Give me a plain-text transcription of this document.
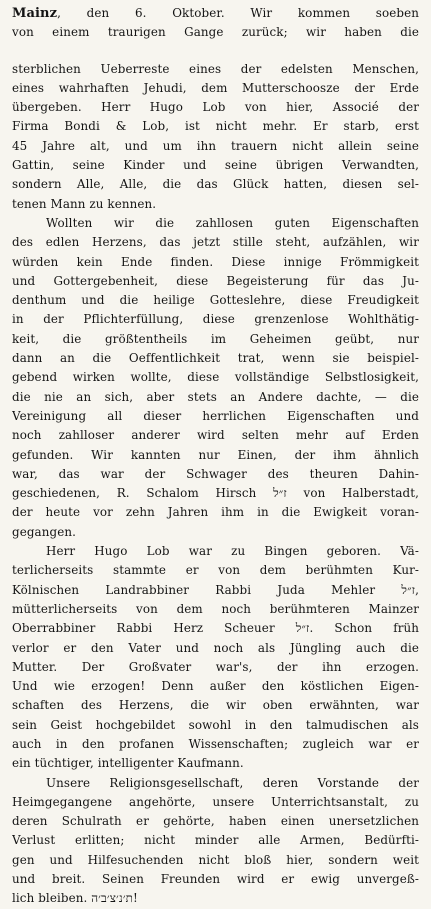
Mainz, den 6. Oktober. Wir kommen soeben
von einem traurigen Gange zurück; wir haben die
sterblichen Ueberreste eines der edelsten Menschen,
eines wahrhaften Jehudi, dem Mutterschoosze der Erde
übergeben. Herr Hugo Lob von hier, Associé der
Firma Bondi & Lob, ist nicht mehr. Er starb, erst
45 Jahre alt, und um ihn trauern nicht allein seine
Gattin, seine Kinder und seine übrigen Verwandten,
sondern Alle, Alle, die das Glück hatten, diesen sel-
tenen Mann zu kennen.
Wollten wir die zahllosen guten Eigenschaften
des edlen Herzens, das jetzt stille steht, aufzählen, wir
würden kein Ende finden. Diese innige Frömmigkeit
und Gottergebenheit, diese Begeisterung für das Ju-
denthum und die heilige Gotteslehre, diese Freudigkeit
in der Pflichterfüllung, diese grenzenlose Wohlthätig-
keit, die größtentheils im Geheimen geübt, nur
dann an die Oeffentlichkeit trat, wenn sie beispiel-
gebend wirken wollte, diese vollständige Selbstlosigkeit,
die nie an sich, aber stets an Andere dachte, — die
Vereinigung all dieser herrlichen Eigenschaften und
noch zahlloser anderer wird selten mehr auf Erden
gefunden. Wir kannten nur Einen, der ihm ähnlich
war, das war der Schwager des theuren Dahin-
geschiedenen, R. Schalom Hirsch ז״ל von Halberstadt,
der heute vor zehn Jahren ihm in die Ewigkeit voran-
gegangen.
Herr Hugo Lob war zu Bingen geboren. Vä-
terlicherseits stammte er von dem berühmten Kur-
Kölnischen Landrabbiner Rabbi Juda Mehler ז״ל,
mütterlicherseits von dem noch berühmteren Mainzer
Oberrabbiner Rabbi Herz Scheuer ז״ל. Schon früh
verlor er den Vater und noch als Jüngling auch die
Mutter. Der Großvater war's, der ihn erzogen.
Und wie erzogen! Denn außer den köstlichen Eigen-
schaften des Herzens, die wir oben erwähnten, war
sein Geist hochgebildet sowohl in den talmudischen als
auch in den profanen Wissenschaften; zugleich war er
ein tüchtiger, intelligenter Kaufmann.
Unsere Religionsgesellschaft, deren Vorstande der
Heimgegangene angehörte, unsere Unterrichtsanstalt, zu
deren Schulrath er gehörte, haben einen unersetzlichen
Verlust erlitten; nicht minder alle Armen, Bedürfti-
gen und Hilfesuchenden nicht bloß hier, sondern weit
und breit. Seinen Freunden wird er ewig unvergeß-
lich bleiben. ת׳נ׳צ׳ב׳ה!
